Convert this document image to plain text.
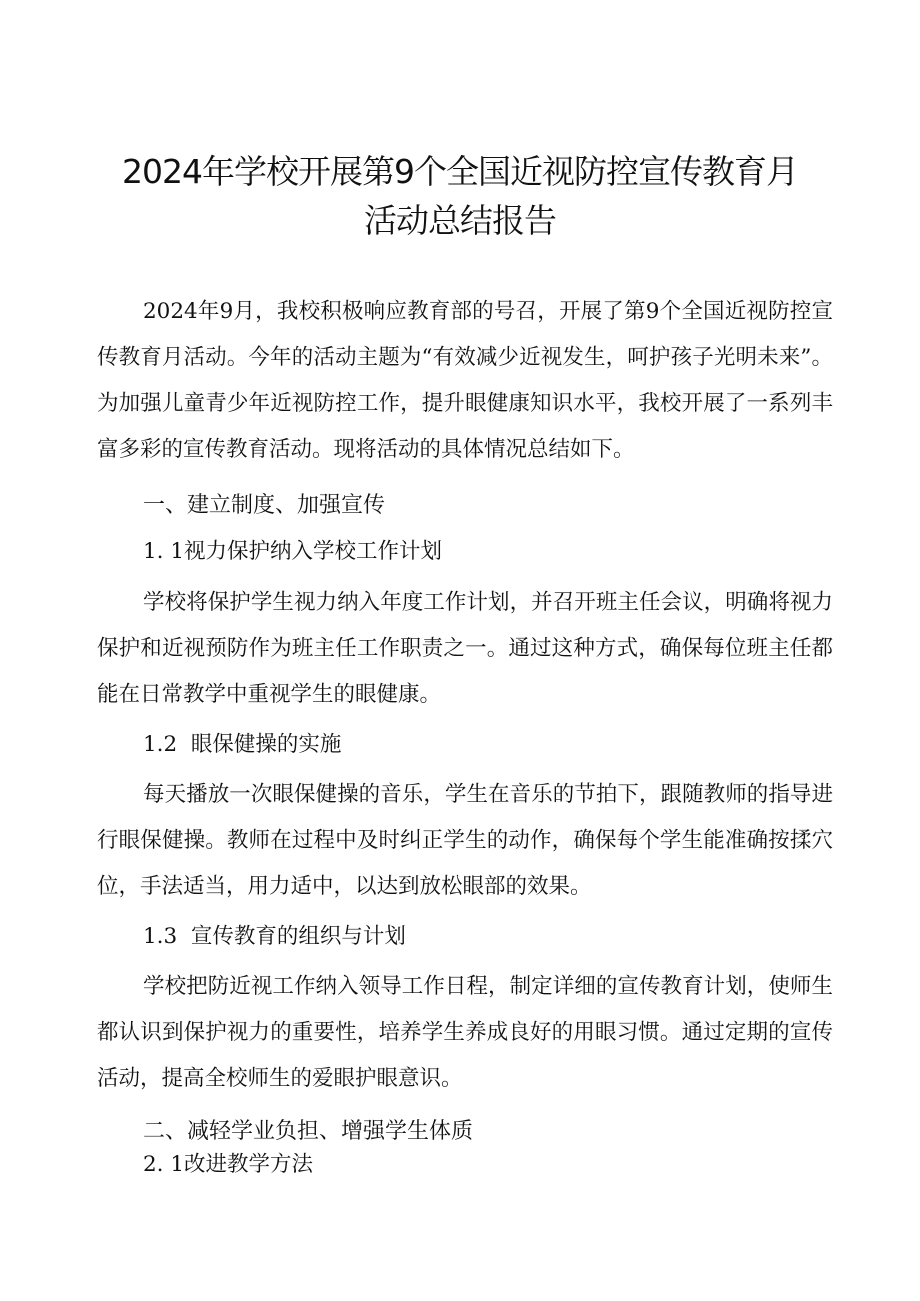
2024年学校开展第9个全国近视防控宣传教育月
活动总结报告

2024年9月，我校积极响应教育部的号召，开展了第9个全国近视防控宣传教育月活动。今年的活动主题为“有效减少近视发生，呵护孩子光明未来”。为加强儿童青少年近视防控工作，提升眼健康知识水平，我校开展了一系列丰富多彩的宣传教育活动。现将活动的具体情况总结如下。

一、建立制度、加强宣传
1. 1视力保护纳入学校工作计划

学校将保护学生视力纳入年度工作计划，并召开班主任会议，明确将视力保护和近视预防作为班主任工作职责之一。通过这种方式，确保每位班主任都能在日常教学中重视学生的眼健康。

1.2  眼保健操的实施

每天播放一次眼保健操的音乐，学生在音乐的节拍下，跟随教师的指导进行眼保健操。教师在过程中及时纠正学生的动作，确保每个学生能准确按揉穴位，手法适当，用力适中，以达到放松眼部的效果。

1.3  宣传教育的组织与计划

学校把防近视工作纳入领导工作日程，制定详细的宣传教育计划，使师生都认识到保护视力的重要性，培养学生养成良好的用眼习惯。通过定期的宣传活动，提高全校师生的爱眼护眼意识。

二、减轻学业负担、增强学生体质
2. 1改进教学方法
